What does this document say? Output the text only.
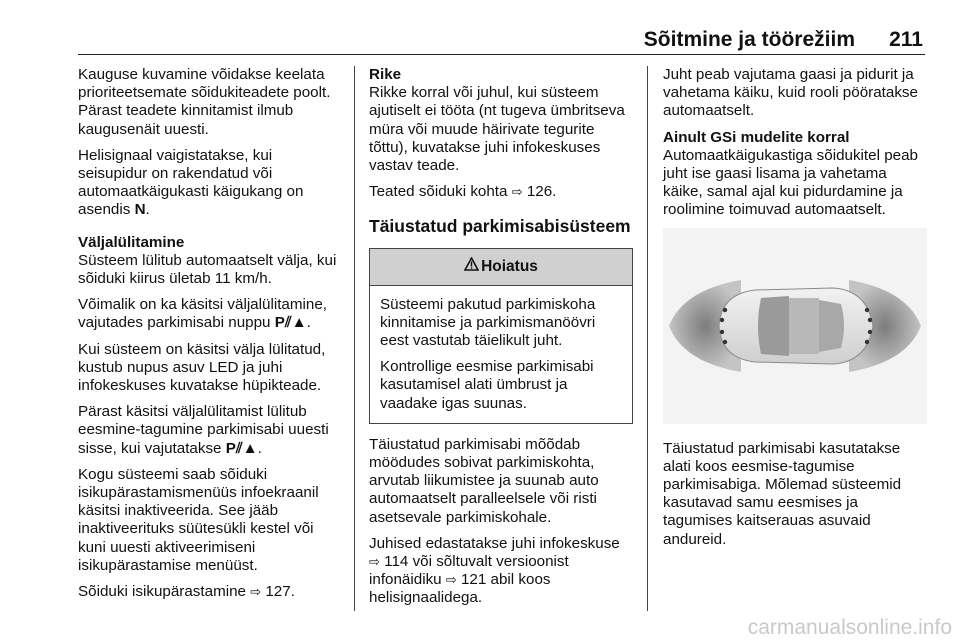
Sõitmine ja töörežiim 211

Kauguse kuvamine võidakse keelata prioriteetsemate sõidukiteadete poolt. Pärast teadete kinnitamist ilmub kaugusenäit uuesti.

Helisignaal vaigistatakse, kui seisupidur on rakendatud või automaatkäigukasti käigukang on asendis N.

Väljalülitamine
Süsteem lülitub automaatselt välja, kui sõiduki kiirus ületab 11 km/h.

Võimalik on ka käsitsi väljalülitamine, vajutades parkimisabi nuppu P⫽▲.

Kui süsteem on käsitsi välja lülitatud, kustub nupus asuv LED ja juhi infokeskuses kuvatakse hüpikteade.

Pärast käsitsi väljalülitamist lülitub eesmine-tagumine parkimisabi uuesti sisse, kui vajutatakse P⫽▲.

Kogu süsteemi saab sõiduki isikupärastamismenüüs infoekraanil käsitsi inaktiveerida. See jääb inaktiveerituks süütesükli kestel või kuni uuesti aktiveerimiseni isikupärastamise menüüst.

Sõiduki isikupärastamine ⇨ 127.

Rike
Rikke korral või juhul, kui süsteem ajutiselt ei tööta (nt tugeva ümbritseva müra või muude häirivate tegurite tõttu), kuvatakse juhi infokeskuses vastav teade.

Teated sõiduki kohta ⇨ 126.

Täiustatud parkimisabisüsteem
Hoiatus

Süsteemi pakutud parkimiskoha kinnitamise ja parkimismanöövri eest vastutab täielikult juht.

Kontrollige eesmise parkimisabi kasutamisel alati ümbrust ja vaadake igas suunas.

Täiustatud parkimisabi mõõdab möödudes sobivat parkimiskohta, arvutab liikumistee ja suunab auto automaatselt paralleelsele või risti asetsevale parkimiskohale.

Juhised edastatakse juhi infokeskuse ⇨ 114 või sõltuvalt versioonist infonäidiku ⇨ 121 abil koos helisignaalidega.

Juht peab vajutama gaasi ja pidurit ja vahetama käiku, kuid rooli pööratakse automaatselt.

Ainult GSi mudelite korral
Automaatkäigukastiga sõidukitel peab juht ise gaasi lisama ja vahetama käike, samal ajal kui pidurdamine ja roolimine toimuvad automaatselt.

Täiustatud parkimisabi kasutatakse alati koos eesmise-tagumise parkimisabiga. Mõlemad süsteemid kasutavad samu eesmises ja tagumises kaitserauas asuvaid andureid.

carmanualsonline.info
